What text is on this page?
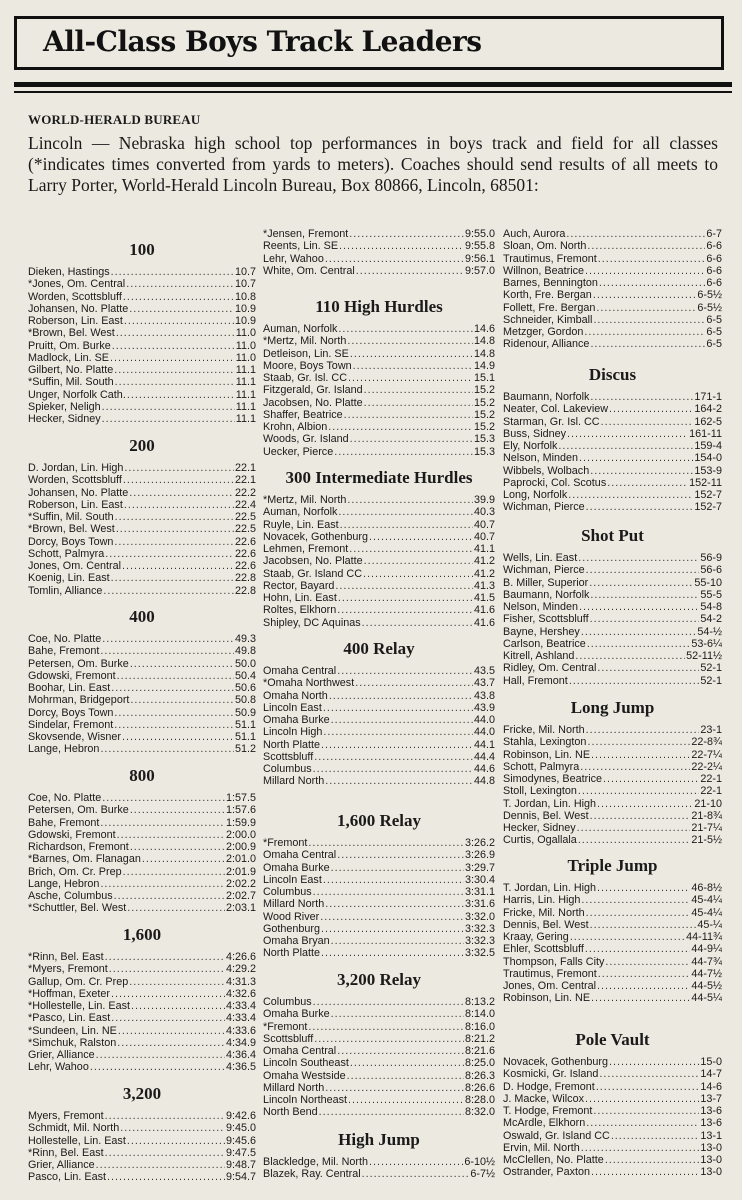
All-Class Boys Track Leaders

WORLD-HERALD BUREAU

Lincoln — Nebraska high school top performances in boys track and field for all classes (*indicates times converted from yards to meters). Coaches should send results of all meets to Larry Porter, World-Herald Lincoln Bureau, Box 80866, Lincoln, 68501:

100
Dieken, Hastings .....	10.7
*Jones, Om. Central .....	10.7
Worden, Scottsbluff .....	10.8
Johansen, No. Platte .....	10.9
Roberson, Lin. East .....	10.9
*Brown, Bel. West .....	11.0
Pruitt, Om. Burke .....	11.0
Madlock, Lin. SE .....	11.0
Gilbert, No. Platte .....	11.1
*Suffin, Mil. South .....	11.1
Unger, Norfolk Cath. .....	11.1
Spieker, Neligh .....	11.1
Hecker, Sidney .....	11.1
200
D. Jordan, Lin. High .....	22.1
Worden, Scottsbluff .....	22.1
Johansen, No. Platte .....	22.2
Roberson, Lin. East .....	22.4
*Suffin, Mil. South .....	22.5
*Brown, Bel. West .....	22.5
Dorcy, Boys Town .....	22.6
Schott, Palmyra .....	22.6
Jones, Om. Central .....	22.6
Koenig, Lin. East .....	22.8
Tomlin, Alliance .....	22.8
400
Coe, No. Platte .....	49.3
Bahe, Fremont .....	49.8
Petersen, Om. Burke .....	50.0
Gdowski, Fremont .....	50.4
Boohar, Lin. East .....	50.6
Mohrman, Bridgeport .....	50.8
Dorcy, Boys Town .....	50.9
Sindelar, Fremont .....	51.1
Skovsende, Wisner .....	51.1
Lange, Hebron .....	51.2
800
Coe, No. Platte .....	1:57.5
Petersen, Om. Burke .....	1:57.6
Bahe, Fremont .....	1:59.9
Gdowski, Fremont .....	2:00.0
Richardson, Fremont .....	2:00.9
*Barnes, Om. Flanagan .....	2:01.0
Brich, Om. Cr. Prep .....	2:01.9
Lange, Hebron .....	2:02.2
Asche, Columbus .....	2:02.7
*Schuttler, Bel. West .....	2:03.1
1,600
*Rinn, Bel. East .....	4:26.6
*Myers, Fremont .....	4:29.2
Gallup, Om. Cr. Prep .....	4:31.3
*Hoffman, Exeter .....	4:32.6
*Hollestelle, Lin. East .....	4:33.4
*Pasco, Lin. East .....	4:33.4
*Sundeen, Lin. NE .....	4:33.6
*Simchuk, Ralston .....	4:34.9
Grier, Alliance .....	4:36.4
Lehr, Wahoo .....	4:36.5
3,200
Myers, Fremont .....	9:42.6
Schmidt, Mil. North .....	9:45.0
Hollestelle, Lin. East .....	9:45.6
*Rinn, Bel. East .....	9:47.5
Grier, Alliance .....	9:48.7
Pasco, Lin. East .....	9:54.7
*Jensen, Fremont .....	9:55.0
Reents, Lin. SE .....	9:55.8
Lehr, Wahoo .....	9:56.1
White, Om. Central .....	9:57.0
110 High Hurdles
Auman, Norfolk .....	14.6
*Mertz, Mil. North .....	14.8
Detleison, Lin. SE .....	14.8
Moore, Boys Town .....	14.9
Staab, Gr. Isl. CC .....	15.1
Fitzgerald, Gr. Island .....	15.2
Jacobsen, No. Platte .....	15.2
Shaffer, Beatrice .....	15.2
Krohn, Albion .....	15.2
Woods, Gr. Island .....	15.3
Uecker, Pierce .....	15.3
300 Intermediate Hurdles
*Mertz, Mil. North .....	39.9
Auman, Norfolk .....	40.3
Ruyle, Lin. East .....	40.7
Novacek, Gothenburg .....	40.7
Lehmen, Fremont .....	41.1
Jacobsen, No. Platte .....	41.2
Staab, Gr. Island CC .....	41.2
Rector, Bayard .....	41.3
Hohn, Lin. East .....	41.5
Roltes, Elkhorn .....	41.6
Shipley, DC Aquinas .....	41.6
400 Relay
Omaha Central .....	43.5
*Omaha Northwest .....	43.7
Omaha North .....	43.8
Lincoln East .....	43.9
Omaha Burke .....	44.0
Lincoln High .....	44.0
North Platte .....	44.1
Scottsbluff .....	44.4
Columbus .....	44.6
Millard North .....	44.8
1,600 Relay
*Fremont .....	3:26.2
Omaha Central .....	3:26.9
Omaha Burke .....	3:29.7
Lincoln East .....	3:30.4
Columbus .....	3:31.1
Millard North .....	3:31.6
Wood River .....	3:32.0
Gothenburg .....	3:32.3
Omaha Bryan .....	3:32.3
North Platte .....	3:32.5
3,200 Relay
Columbus .....	8:13.2
Omaha Burke .....	8:14.0
*Fremont .....	8:16.0
Scottsbluff .....	8:21.2
Omaha Central .....	8:21.6
Lincoln Southeast .....	8:25.0
Omaha Westside .....	8:26.3
Millard North .....	8:26.6
Lincoln Northeast .....	8:28.0
North Bend .....	8:32.0
High Jump
Blackledge, Mil. North .....	6-10½
Blazek, Ray. Central .....	6-7½
Auch, Aurora .....	6-7
Sloan, Om. North .....	6-6
Trautimus, Fremont .....	6-6
Willnon, Beatrice .....	6-6
Barnes, Bennington .....	6-6
Korth, Fre. Bergan .....	6-5½
Follett, Fre. Bergan .....	6-5½
Schneider, Kimball .....	6-5
Metzger, Gordon .....	6-5
Ridenour, Alliance .....	6-5
Discus
Baumann, Norfolk .....	171-1
Neater, Col. Lakeview .....	164-2
Starman, Gr. Isl. CC .....	162-5
Buss, Sidney .....	161-11
Ely, Norfolk .....	159-4
Nelson, Minden .....	154-0
Wibbels, Wolbach .....	153-9
Paprocki, Col. Scotus .....	152-11
Long, Norfolk .....	152-7
Wichman, Pierce .....	152-7
Shot Put
Wells, Lin. East .....	56-9
Wichman, Pierce .....	56-6
B. Miller, Superior .....	55-10
Baumann, Norfolk .....	55-5
Nelson, Minden .....	54-8
Fisher, Scottsbluff .....	54-2
Bayne, Hershey .....	54-½
Carlson, Beatrice .....	53-6¼
Kitrell, Ashland .....	52-11½
Ridley, Om. Central .....	52-1
Hall, Fremont .....	52-1
Long Jump
Fricke, Mil. North .....	23-1
Stahla, Lexington .....	22-8¾
Robinson, Lin. NE .....	22-7¼
Schott, Palmyra .....	22-2¼
Simodynes, Beatrice .....	22-1
Stoll, Lexington .....	22-1
T. Jordan, Lin. High .....	21-10
Dennis, Bel. West .....	21-8¾
Hecker, Sidney .....	21-7¼
Curtis, Ogallala .....	21-5½
Triple Jump
T. Jordan, Lin. High .....	46-8½
Harris, Lin. High .....	45-4¼
Fricke, Mil. North .....	45-4¼
Dennis, Bel. West .....	45-¼
Kraay, Gering .....	44-11¾
Ehler, Scottsbluff .....	44-9¼
Thompson, Falls City .....	44-7¾
Trautimus, Fremont .....	44-7½
Jones, Om. Central .....	44-5½
Robinson, Lin. NE .....	44-5¼
Pole Vault
Novacek, Gothenburg .....	15-0
Kosmicki, Gr. Island .....	14-7
D. Hodge, Fremont .....	14-6
J. Macke, Wilcox .....	13-7
T. Hodge, Fremont .....	13-6
McArdle, Elkhorn .....	13-6
Oswald, Gr. Island CC .....	13-1
Ervin, Mil. North .....	13-0
McClellen, No. Platte .....	13-0
Ostrander, Paxton .....	13-0
